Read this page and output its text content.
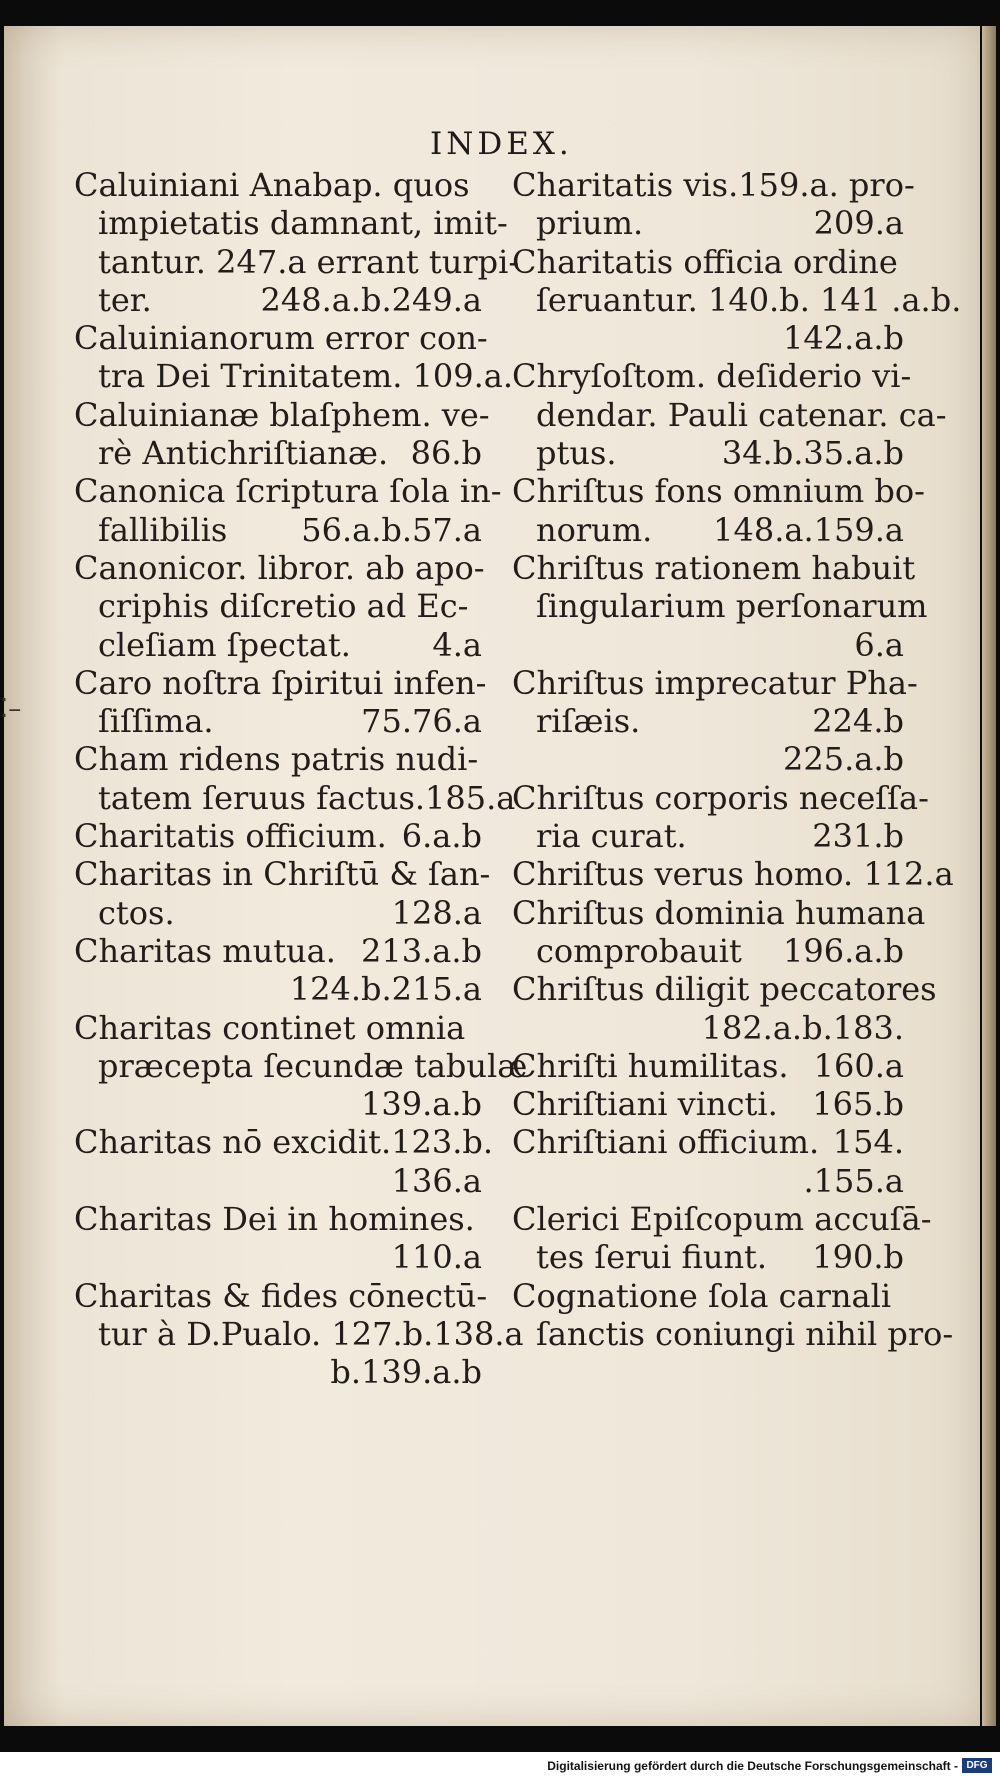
INDEX.
⁚–
Caluiniani Anabap. quos
impietatis damnant, imit-
tantur. 247.a errant turpi-
ter.	248.a.b.249.a
Caluinianorum error con-
tra Dei Trinitatem. 109.a.
Caluinianæ blaſphem. ve-
rè Antichriſtianæ. 86.b
Canonica ſcriptura ſola in-
fallibilis 56.a.b.57.a
Canonicor. libror. ab apo-
criphis diſcretio ad Ec-
cleſiam ſpectat.	4.a
Caro noſtra ſpiritui infen-
ſiſſima.	75.76.a
Cham ridens patris nudi-
tatem ſeruus factus.185.a
Charitatis officium. 6.a.b
Charitas in Chriſtū & ſan-
ctos.	128.a
Charitas mutua. 213.a.b
124.b.215.a
Charitas continet omnia
præcepta ſecundæ tabulæ
139.a.b
Charitas nō excidit. 123.b.
136.a
Charitas Dei in homines.
110.a
Charitas & fides cōnectū-
tur à D.Pualo. 127.b.138.a
b.139.a.b
Charitatis vis. 159.a. pro-
prium.	209.a
Charitatis officia ordine
ſeruantur. 140.b. 141 .a.b.
142.a.b
Chryſoſtom. deſiderio vi-
dendar. Pauli catenar. ca-
ptus.	34.b.35.a.b
Chriſtus fons omnium bo-
norum. 148.a.159.a
Chriſtus rationem habuit
ſingularium perſonarum
6.a
Chriſtus imprecatur Pha-
riſæis.	224.b
225.a.b
Chriſtus corporis neceſſa-
ria curat.	231.b
Chriſtus verus homo. 112.a
Chriſtus dominia humana
comprobauit 196.a.b
Chriſtus diligit peccatores
182.a.b.183.
Chriſti humilitas. 160.a
Chriſtiani vincti. 165.b
Chriſtiani officium. 154.
.155.a
Clerici Epiſcopum accuſā-
tes ſerui fiunt. 190.b
Cognatione ſola carnali
ſanctis coniungi nihil pro-
Digitalisierung gefördert durch die Deutsche Forschungsgemeinschaft - DFG
